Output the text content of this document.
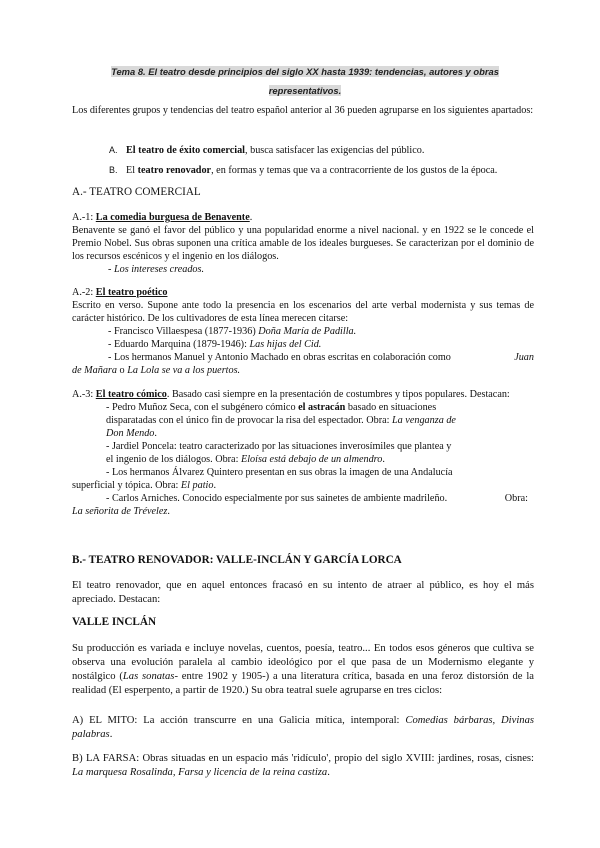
Tema 8. El teatro desde principios del siglo XX hasta 1939: tendencias, autores y obras
representativos.
Los diferentes grupos y tendencias del teatro español anterior al 36 pueden agruparse en los siguientes apartados:
A. El teatro de éxito comercial, busca satisfacer las exigencias del público.
B. El teatro renovador, en formas y temas que va a contracorriente de los gustos de la época.
A.- TEATRO COMERCIAL
A.-1: La comedia burguesa de Benavente.
Benavente se ganó el favor del público y una popularidad enorme a nivel nacional. y en 1922 se le concede el Premio Nobel. Sus obras suponen una crítica amable de los ideales burgueses. Se caracterizan por el dominio de los recursos escénicos y el ingenio en los diálogos.
- Los intereses creados.
A.-2: El teatro poético
Escrito en verso. Supone ante todo la presencia en los escenarios del arte verbal modernista y sus temas de carácter histórico. De los cultivadores de esta línea merecen citarse:
- Francisco Villaespesa (1877-1936) Doña María de Padilla.
- Eduardo Marquina (1879-1946): Las hijas del Cid.
- Los hermanos Manuel y Antonio Machado en obras escritas en colaboración como	Juan
de Mañara o La Lola se va a los puertos.
A.-3: El teatro cómico. Basado casi siempre en la presentación de costumbres y tipos populares. Destacan:
- Pedro Muñoz Seca, con el subgénero cómico el astracán basado en situaciones
disparatadas con el único fin de provocar la risa del espectador. Obra: La venganza de
Don Mendo.
- Jardiel Poncela: teatro caracterizado por las situaciones inverosímiles que plantea y
el ingenio de los diálogos. Obra: Eloísa está debajo de un almendro.
- Los hermanos Álvarez Quintero presentan en sus obras la imagen de una Andalucía
superficial y tópica. Obra: El patio.
- Carlos Arniches. Conocido especialmente por sus sainetes de ambiente madrileño.	Obra:
La señorita de Trévelez.
B.- TEATRO RENOVADOR: VALLE-INCLÁN Y GARCÍA LORCA
El teatro renovador, que en aquel entonces fracasó en su intento de atraer al público, es hoy el más apreciado. Destacan:
VALLE INCLÁN
Su producción es variada e incluye novelas, cuentos, poesía, teatro... En todos esos géneros que cultiva se observa una evolución paralela al cambio ideológico por el que pasa de un Modernismo elegante y nostálgico (Las sonatas- entre 1902 y 1905-) a una literatura crítica, basada en una feroz distorsión de la realidad (El esperpento, a partir de 1920.) Su obra teatral suele agruparse en tres ciclos:
A) EL MITO: La acción transcurre en una Galicia mítica, intemporal: Comedias bárbaras, Divinas palabras.
B) LA FARSA: Obras situadas en un espacio más 'ridículo', propio del siglo XVIII: jardines, rosas, cisnes: La marquesa Rosalinda, Farsa y licencia de la reina castiza.
